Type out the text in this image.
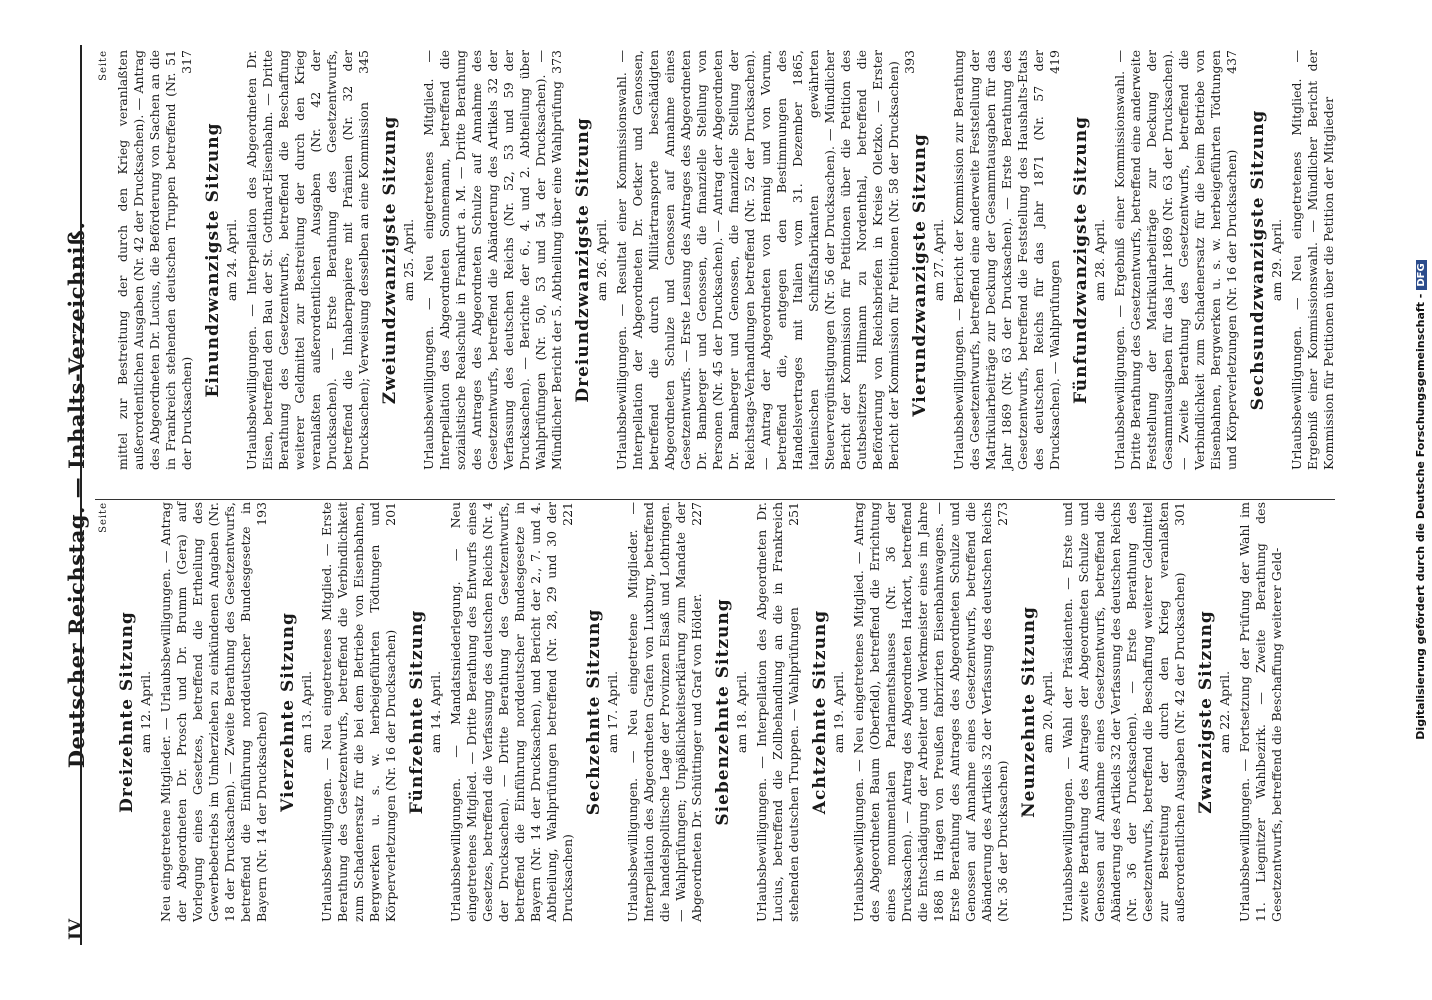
IV
Deutscher Reichstag. — Inhalts-Verzeichniß. Seite
Dreizehnte Sitzung am 12. April. Neu eingetretene Mitglieder. — Urlaubsbewilligungen. — Antrag der Abgeordneten Dr. Prosch und Dr. Brumm (Gera) auf Vorlegung eines Gesetzes, betreffend die Ertheilung des Gewerbebetriebs im Umherziehen zu einkündenen Angaben (Nr. 18 der Drucksachen). — Zweite Berathung des Gesetzentwurfs, betreffend die Einführung norddeutscher Bundesgesetze in Bayern (Nr. 14 der Drucksachen)
193

Vierzehnte Sitzung am 13. April. Urlaubsbewilligungen. — Neu eingetretenes Mitglied. — Erste Berathung des Gesetzentwurfs, betreffend die Verbindlichkeit zum Schadenersatz für die bei dem Betriebe von Eisenbahnen, Bergwerken u. s. w. herbeigeführten Tödtungen und Körperverletzungen (Nr. 16 der Drucksachen)
201

Fünfzehnte Sitzung am 14. April. Urlaubsbewilligungen. — Mandatsniederlegung. — Neu eingetretenes Mitglied. — Dritte Berathung des Entwurfs eines Gesetzes, betreffend die Verfassung des deutschen Reichs (Nr. 4 der Drucksachen). — Dritte Berathung des Gesetzentwurfs, betreffend die Einführung norddeutscher Bundesgesetze in Bayern (Nr. 14 der Drucksachen), und Bericht der 2., 7. und 4. Abtheilung, Wahlprüfungen betreffend (Nr. 28, 29 und 30 der Drucksachen)
221

Sechzehnte Sitzung am 17. April. Urlaubsbewilligungen. — Neu eingetretene Mitglieder. — Interpellation des Abgeordneten Grafen von Luxburg, betreffend die handelspolitische Lage der Provinzen Elsaß und Lothringen. — Wahlprüfungen; Unpäßlichkeitserklärung zum Mandate der Abgeordneten Dr. Schüttinger und Graf von Hölder.
227

Siebenzehnte Sitzung am 18. April. Urlaubsbewilligungen. — Interpellation des Abgeordneten Dr. Lucius, betreffend die Zollbehandlung an die in Frankreich stehenden deutschen Truppen. — Wahlprüfungen
251

Achtzehnte Sitzung am 19. April. Urlaubsbewilligungen. — Neu eingetretenes Mitglied. — Antrag des Abgeordneten Baum (Oberfeld), betreffend die Errichtung eines monumentalen Parlamentshauses (Nr. 36 der Drucksachen). — Antrag des Abgeordneten Harkort, betreffend die Entschädigung der Arbeiter und Werkmeister eines im Jahre 1868 in Hagen von Preußen fabrizirten Eisenbahnwagens. — Erste Berathung des Antrages des Abgeordneten Schulze und Genossen auf Annahme eines Gesetzentwurfs, betreffend die Abänderung des Artikels 32 der Verfassung des deutschen Reichs (Nr. 36 der Drucksachen)
273

Neunzehnte Sitzung am 20. April. Urlaubsbewilligungen. — Wahl der Präsidenten. — Erste und zweite Berathung des Antrages der Abgeordneten Schulze und Genossen auf Annahme eines Gesetzentwurfs, betreffend die Abänderung des Artikels 32 der Verfassung des deutschen Reichs (Nr. 36 der Drucksachen). — Erste Berathung des Gesetzentwurfs, betreffend die Beschaffung weiterer Geldmittel zur Bestreitung der durch den Krieg veranlaßten außerordentlichen Ausgaben (Nr. 42 der Drucksachen)
301

Zwanzigste Sitzung am 22. April. Urlaubsbewilligungen. — Fortsetzung der Prüfung der Wahl im 11. Liegnitzer Wahlbezirk. — Zweite Berathung des Gesetzentwurfs, betreffend die Beschaffung weiterer Geld-

Seite mittel zur Bestreitung der durch den Krieg veranlaßten außerordentlichen Ausgaben (Nr. 42 der Drucksachen). — Antrag des Abgeordneten Dr. Lucius, die Beförderung von Sachen an die in Frankreich stehenden deutschen Truppen betreffend (Nr. 51 der Drucksachen)
317

Einundzwanzigste Sitzung am 24. April. Urlaubsbewilligungen. — Interpellation des Abgeordneten Dr. Eisen, betreffend den Bau der St. Gotthard-Eisenbahn. — Dritte Berathung des Gesetzentwurfs, betreffend die Beschaffung weiterer Geldmittel zur Bestreitung der durch den Krieg veranlaßten außerordentlichen Ausgaben (Nr. 42 der Drucksachen). — Erste Berathung des Gesetzentwurfs, betreffend die Inhaberpapiere mit Prämien (Nr. 32 der Drucksachen); Verweisung desselben an eine Kommission
345

Zweiundzwanzigste Sitzung am 25. April. Urlaubsbewilligungen. — Neu eingetretenes Mitglied. — Interpellation des Abgeordneten Sonnemann, betreffend die sozialistische Realschule in Frankfurt a. M. — Dritte Berathung des Antrages des Abgeordneten Schulze auf Annahme des Gesetzentwurfs, betreffend die Abänderung des Artikels 32 der Verfassung des deutschen Reichs (Nr. 52, 53 und 59 der Drucksachen). — Berichte der 6., 4. und 2. Abtheilung über Wahlprüfungen (Nr. 50, 53 und 54 der Drucksachen). — Mündlicher Bericht der 5. Abtheilung über eine Wahlprüfung
373

Dreiundzwanzigste Sitzung am 26. April. Urlaubsbewilligungen. — Resultat einer Kommissionswahl. — Interpellation der Abgeordneten Dr. Oetker und Genossen, betreffend die durch Militärtransporte beschädigten Abgeordneten Schulze und Genossen auf Annahme eines Gesetzentwurfs. — Erste Lesung des Antrages des Abgeordneten Dr. Bamberger und Genossen, die finanzielle Stellung von Personen (Nr. 45 der Drucksachen). — Antrag der Abgeordneten Dr. Bamberger und Genossen, die finanzielle Stellung der Reichstags-Verhandlungen betreffend (Nr. 52 der Drucksachen). — Antrag der Abgeordneten von Hennig und von Vorum, betreffend die, entgegen den Bestimmungen des Handelsvertrages mit Italien vom 31. Dezember 1865, italienischen Schiffsfabrikanten gewährten Steuervergünstigungen (Nr. 56 der Drucksachen). — Mündlicher Bericht der Kommission für Petitionen über die Petition des Gutsbesitzers Hillmann zu Nordenthal, betreffend die Beförderung von Reichsbriefen in Kreise Oletzko. — Erster Bericht der Kommission für Petitionen (Nr. 58 der Drucksachen) 393

Vierundzwanzigste Sitzung am 27. April. Urlaubsbewilligungen. — Bericht der Kommission zur Berathung des Gesetzentwurfs, betreffend eine anderweite Feststellung der Matrikularbeiträge zur Deckung der Gesammtausgaben für das Jahr 1869 (Nr. 63 der Drucksachen). — Erste Berathung des Gesetzentwurfs, betreffend die Feststellung des Haushalts-Etats des deutschen Reichs für das Jahr 1871 (Nr. 57 der Drucksachen). — Wahlprüfungen
419

Fünfundzwanzigste Sitzung am 28. April. Urlaubsbewilligungen. — Ergebniß einer Kommissionswahl. — Dritte Berathung des Gesetzentwurfs, betreffend eine anderweite Feststellung der Matrikularbeiträge zur Deckung der Gesammtausgaben für das Jahr 1869 (Nr. 63 der Drucksachen). — Zweite Berathung des Gesetzentwurfs, betreffend die Verbindlichkeit zum Schadenersatz für die beim Betriebe von Eisenbahnen, Bergwerken u. s. w. herbeigeführten Tödtungen und Körperverletzungen (Nr. 16 der Drucksachen)
437

Sechsundzwanzigste Sitzung am 29. April. Urlaubsbewilligungen. — Neu eingetretenes Mitglied. — Ergebniß einer Kommissionswahl. — Mündlicher Bericht der Kommission für Petitionen über die Petition der Mitglieder

Digitalisierung gefördert durch die Deutsche Forschungsgemeinschaft -DFG
